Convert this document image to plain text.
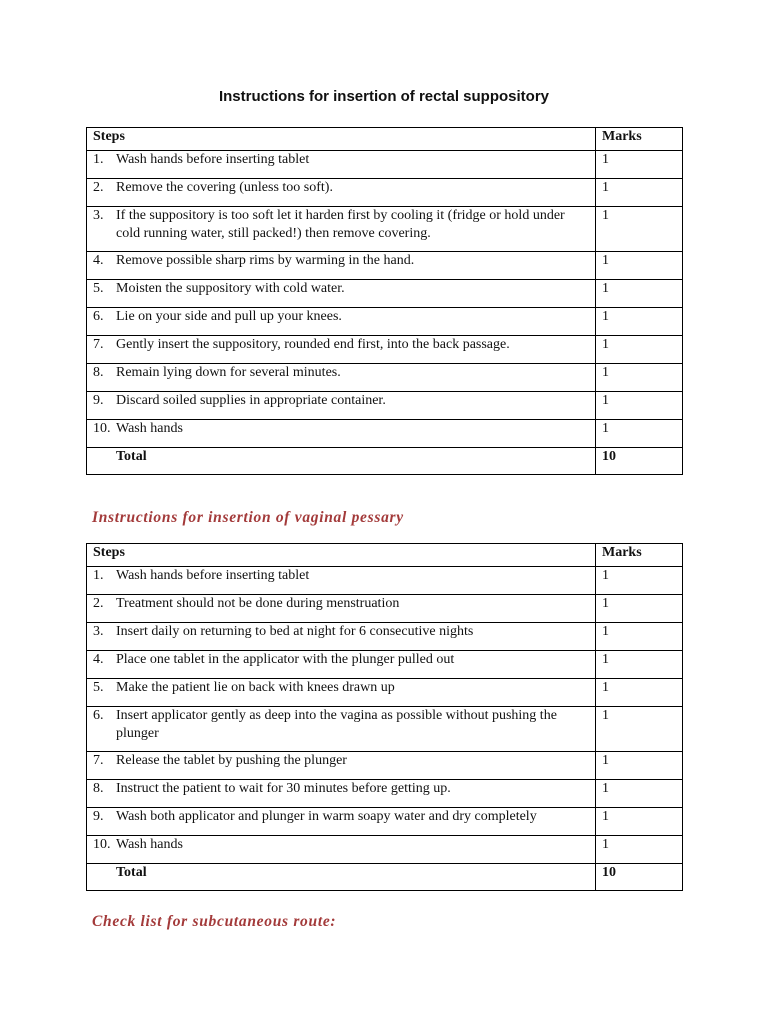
Instructions for insertion of rectal suppository
Steps	Marks

1. Wash hands before inserting tablet	1

2. Remove the covering (unless too soft).	1

3. If the suppository is too soft let it harden first by cooling it (fridge or hold under cold running water, still packed!) then remove covering.	1

4. Remove possible sharp rims by warming in the hand.	1

5. Moisten the suppository with cold water.	1

6. Lie on your side and pull up your knees.	1

7. Gently insert the suppository, rounded end first, into the back passage.	1

8. Remain lying down for several minutes.	1

9. Discard soiled supplies in appropriate container.	1

10. Wash hands	1
Total	10
Instructions for insertion of vaginal pessary
Steps	Marks

1. Wash hands before inserting tablet	1

2. Treatment should not be done during menstruation	1

3. Insert daily on returning to bed at night for 6 consecutive nights	1

4. Place one tablet in the applicator with the plunger pulled out	1

5. Make the patient lie on back with knees drawn up	1

6. Insert applicator gently as deep into the vagina as possible without pushing the plunger	1

7. Release the tablet by pushing the plunger	1

8. Instruct the patient to wait for 30 minutes before getting up.	1

9. Wash both applicator and plunger in warm soapy water and dry completely	1

10. Wash hands	1
Total	10
Check list for subcutaneous route:
